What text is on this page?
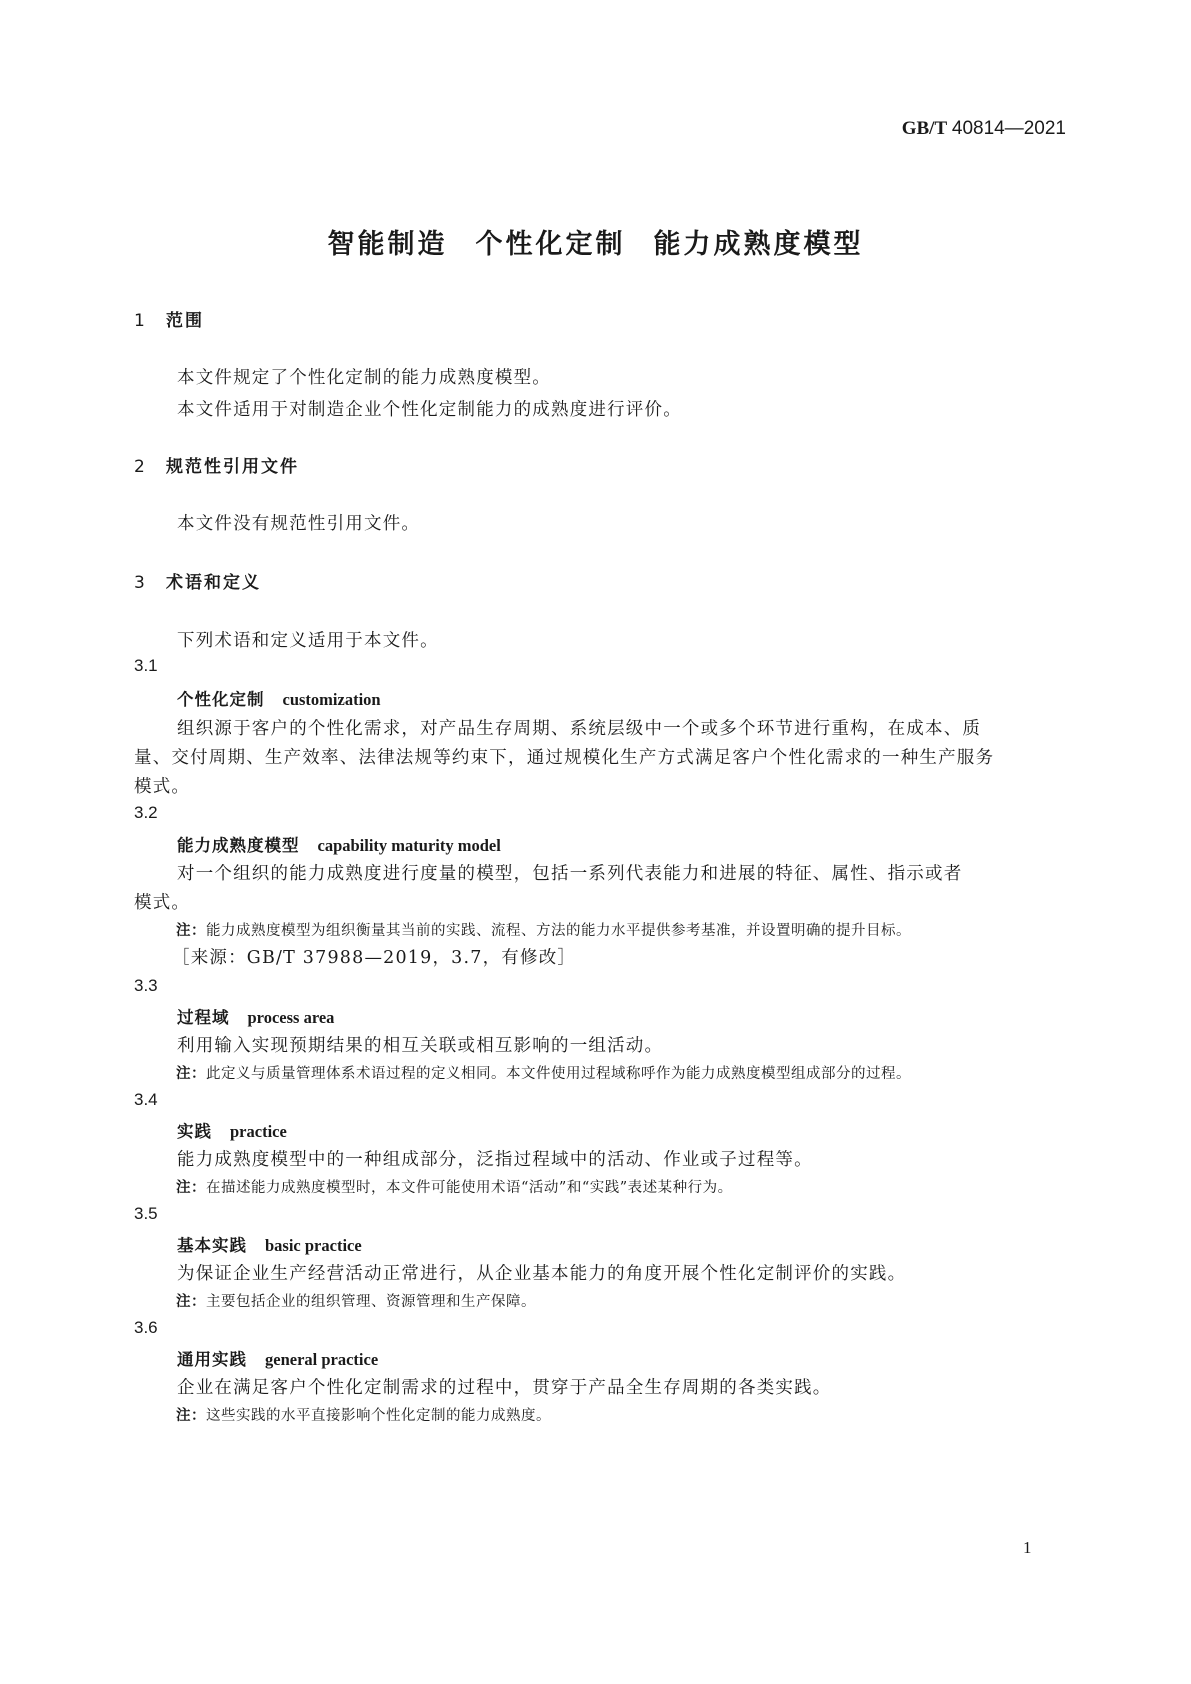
GB/T 40814—2021
智能制造 个性化定制 能力成熟度模型
1 范围
本文件规定了个性化定制的能力成熟度模型。
本文件适用于对制造企业个性化定制能力的成熟度进行评价。
2 规范性引用文件
本文件没有规范性引用文件。
3 术语和定义
下列术语和定义适用于本文件。
3.1
个性化定制 customization
组织源于客户的个性化需求，对产品生存周期、系统层级中一个或多个环节进行重构，在成本、质
量、交付周期、生产效率、法律法规等约束下，通过规模化生产方式满足客户个性化需求的一种生产服务
模式。
3.2
能力成熟度模型 capability maturity model
对一个组织的能力成熟度进行度量的模型，包括一系列代表能力和进展的特征、属性、指示或者
模式。
注：能力成熟度模型为组织衡量其当前的实践、流程、方法的能力水平提供参考基准，并设置明确的提升目标。
［来源：GB/T 37988—2019，3.7，有修改］
3.3
过程域 process area
利用输入实现预期结果的相互关联或相互影响的一组活动。
注：此定义与质量管理体系术语过程的定义相同。本文件使用过程域称呼作为能力成熟度模型组成部分的过程。
3.4
实践 practice
能力成熟度模型中的一种组成部分，泛指过程域中的活动、作业或子过程等。
注：在描述能力成熟度模型时，本文件可能使用术语“活动”和“实践”表述某种行为。
3.5
基本实践 basic practice
为保证企业生产经营活动正常进行，从企业基本能力的角度开展个性化定制评价的实践。
注：主要包括企业的组织管理、资源管理和生产保障。
3.6
通用实践 general practice
企业在满足客户个性化定制需求的过程中，贯穿于产品全生存周期的各类实践。
注：这些实践的水平直接影响个性化定制的能力成熟度。
1
